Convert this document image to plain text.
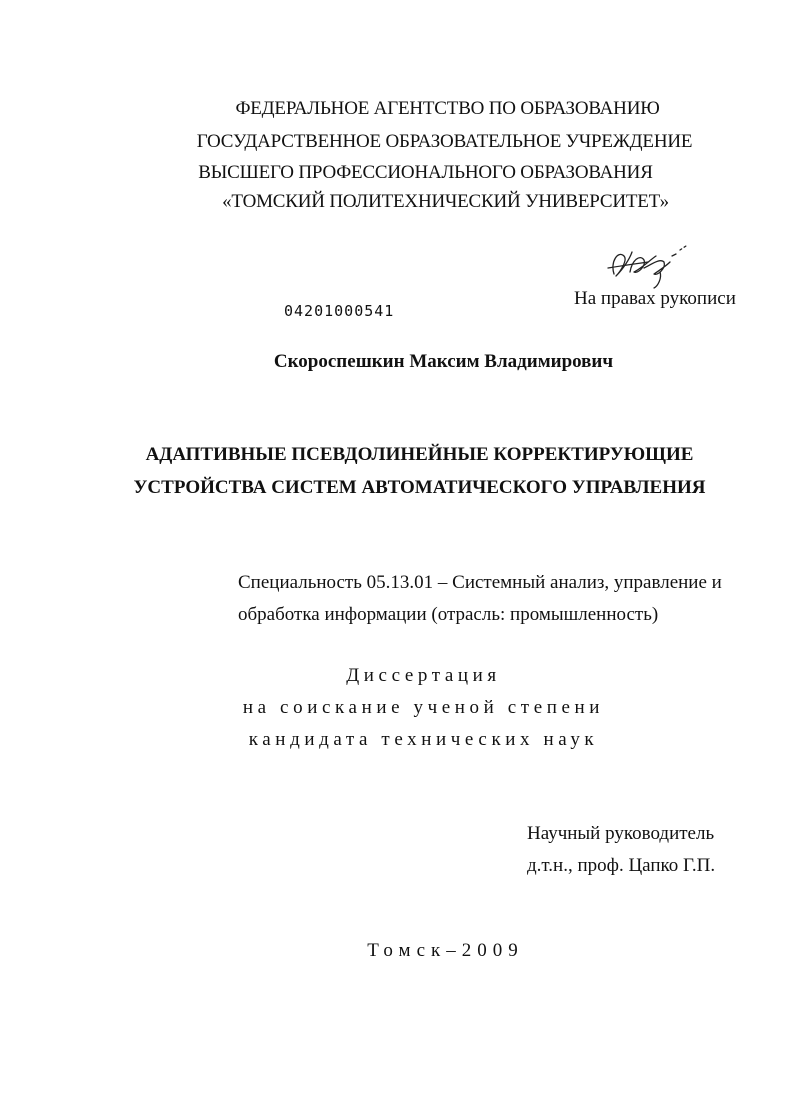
ФЕДЕРАЛЬНОЕ АГЕНТСТВО ПО ОБРАЗОВАНИЮ
ГОСУДАРСТВЕННОЕ ОБРАЗОВАТЕЛЬНОЕ УЧРЕЖДЕНИЕ
ВЫСШЕГО ПРОФЕССИОНАЛЬНОГО ОБРАЗОВАНИЯ
«ТОМСКИЙ ПОЛИТЕХНИЧЕСКИЙ УНИВЕРСИТЕТ»
На правах рукописи
04201000541
Скороспешкин Максим Владимирович
АДАПТИВНЫЕ ПСЕВДОЛИНЕЙНЫЕ КОРРЕКТИРУЮЩИЕ
УСТРОЙСТВА СИСТЕМ АВТОМАТИЧЕСКОГО УПРАВЛЕНИЯ
Специальность 05.13.01 – Системный анализ, управление и
обработка информации (отрасль: промышленность)
Диссертация
на соискание ученой степени
кандидата технических наук
Научный руководитель
д.т.н., проф. Цапко Г.П.
Томск–2009
